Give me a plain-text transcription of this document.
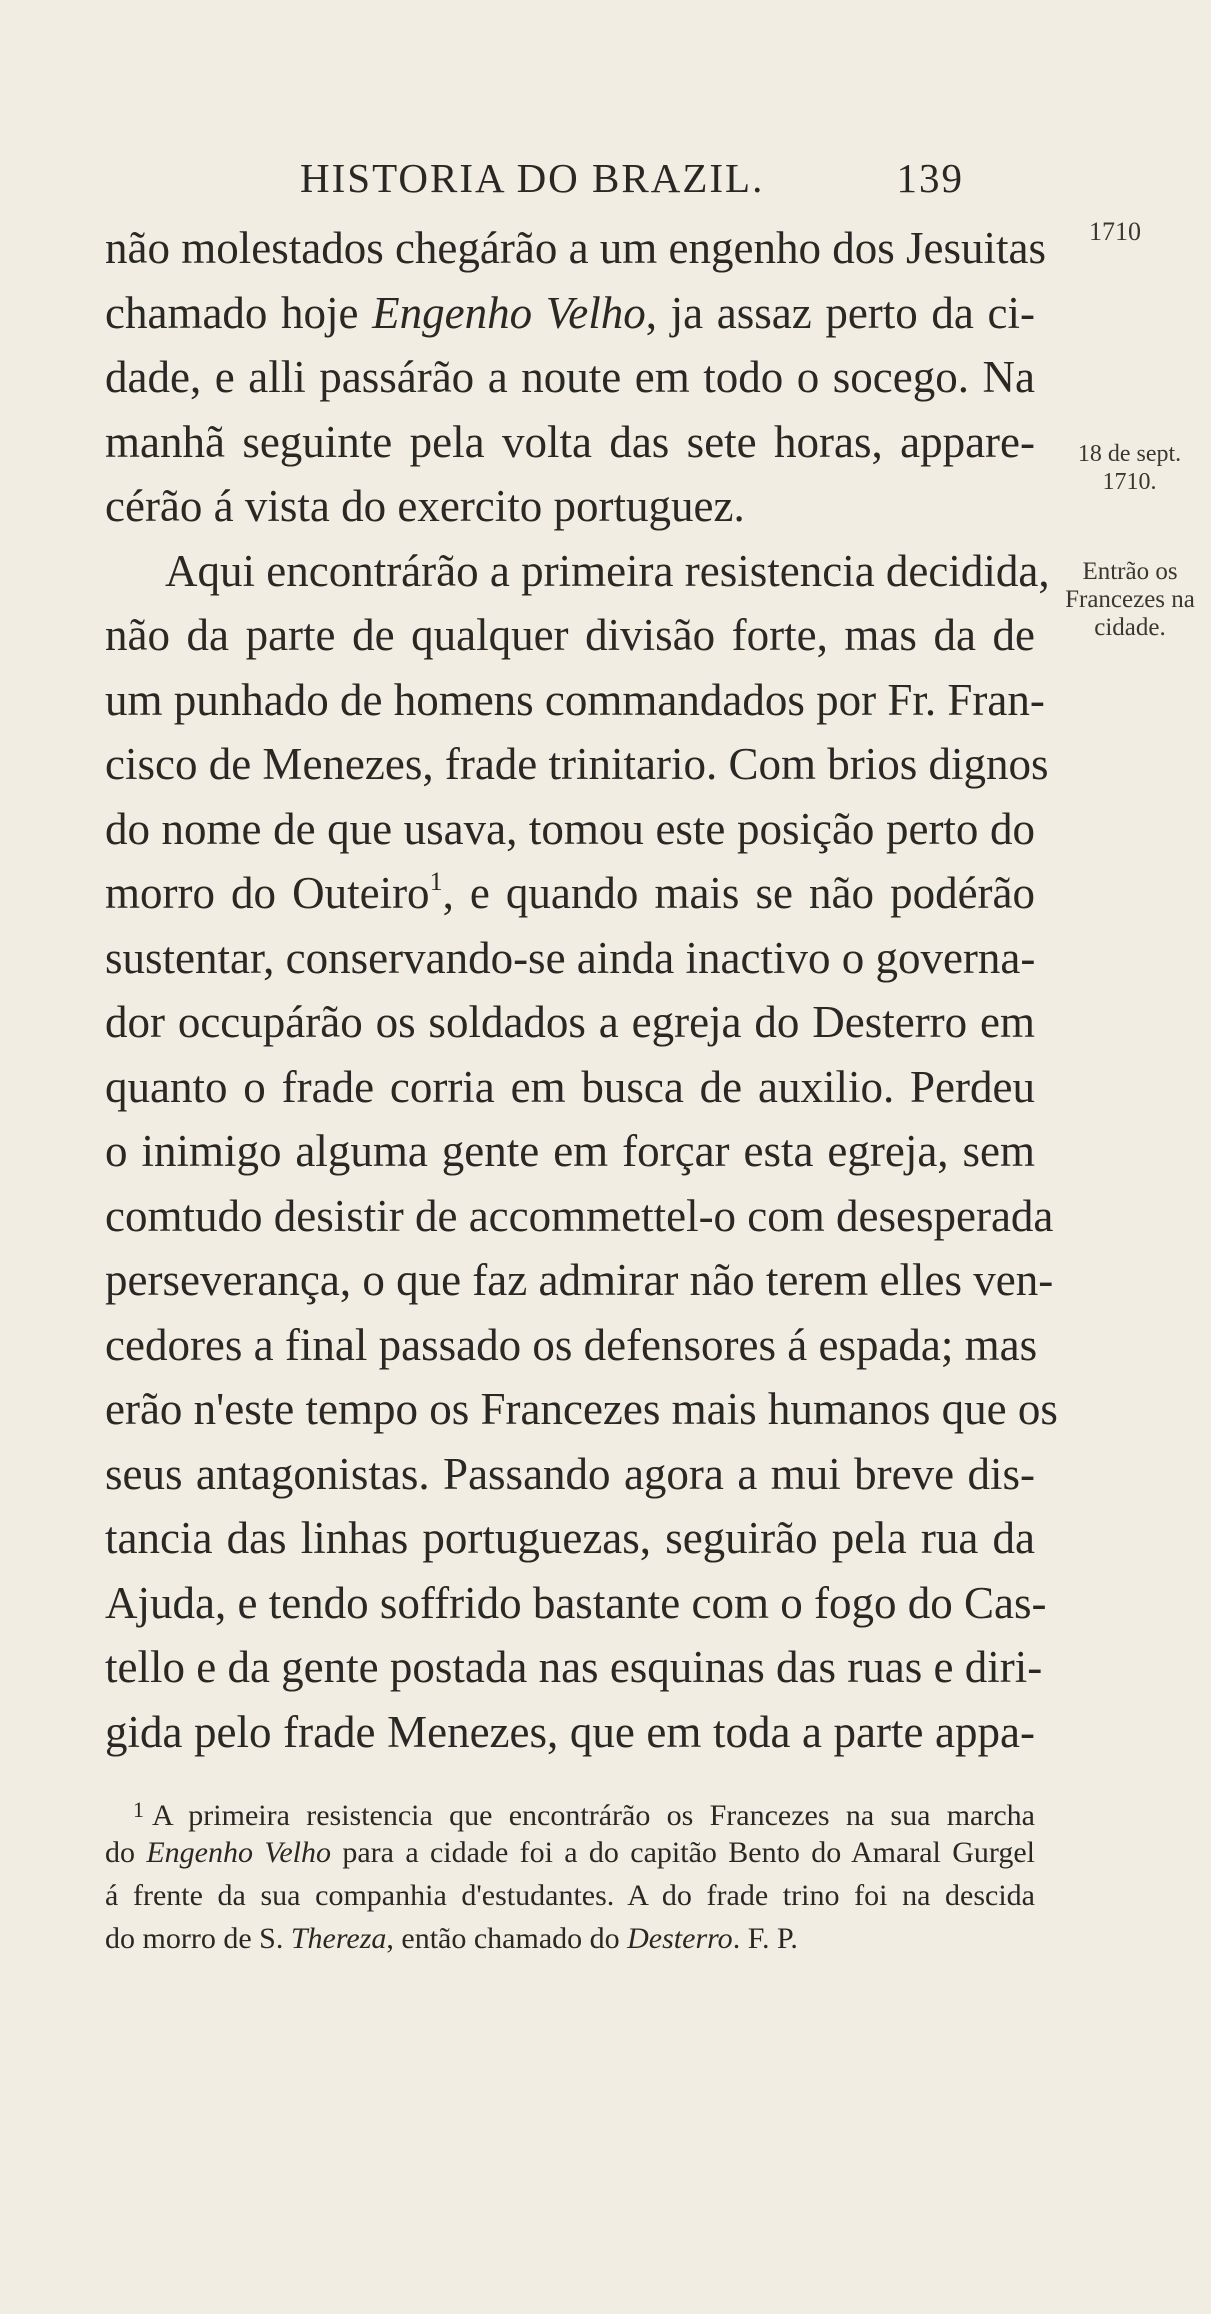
HISTORIA DO BRAZIL.	139
1710
18 de sept.
1710.
Entrão os
Francezes na
cidade.
não molestados chegárão a um engenho dos Jesuitas
chamado hoje Engenho Velho, ja assaz perto da ci-
dade, e alli passárão a noute em todo o socego. Na
manhã seguinte pela volta das sete horas, appare-
cérão á vista do exercito portuguez.
Aqui encontrárão a primeira resistencia decidida,
não da parte de qualquer divisão forte, mas da de
um punhado de homens commandados por Fr. Fran-
cisco de Menezes, frade trinitario. Com brios dignos
do nome de que usava, tomou este posição perto do
morro do Outeiro$^1$, e quando mais se não podérão
sustentar, conservando-se ainda inactivo o governa-
dor occupárão os soldados a egreja do Desterro em
quanto o frade corria em busca de auxilio. Perdeu
o inimigo alguma gente em forçar esta egreja, sem
comtudo desistir de accommettel-o com desesperada
perseverança, o que faz admirar não terem elles ven-
cedores a final passado os defensores á espada; mas
erão n'este tempo os Francezes mais humanos que os
seus antagonistas. Passando agora a mui breve dis-
tancia das linhas portuguezas, seguirão pela rua da
Ajuda, e tendo soffrido bastante com o fogo do Cas-
tello e da gente postada nas esquinas das ruas e diri-
gida pelo frade Menezes, que em toda a parte appa-
$^1$ A primeira resistencia que encontrárão os Francezes na sua marcha
do Engenho Velho para a cidade foi a do capitão Bento do Amaral Gurgel
á frente da sua companhia d'estudantes. A do frade trino foi na descida
do morro de S. Thereza, então chamado do Desterro. F. P.
